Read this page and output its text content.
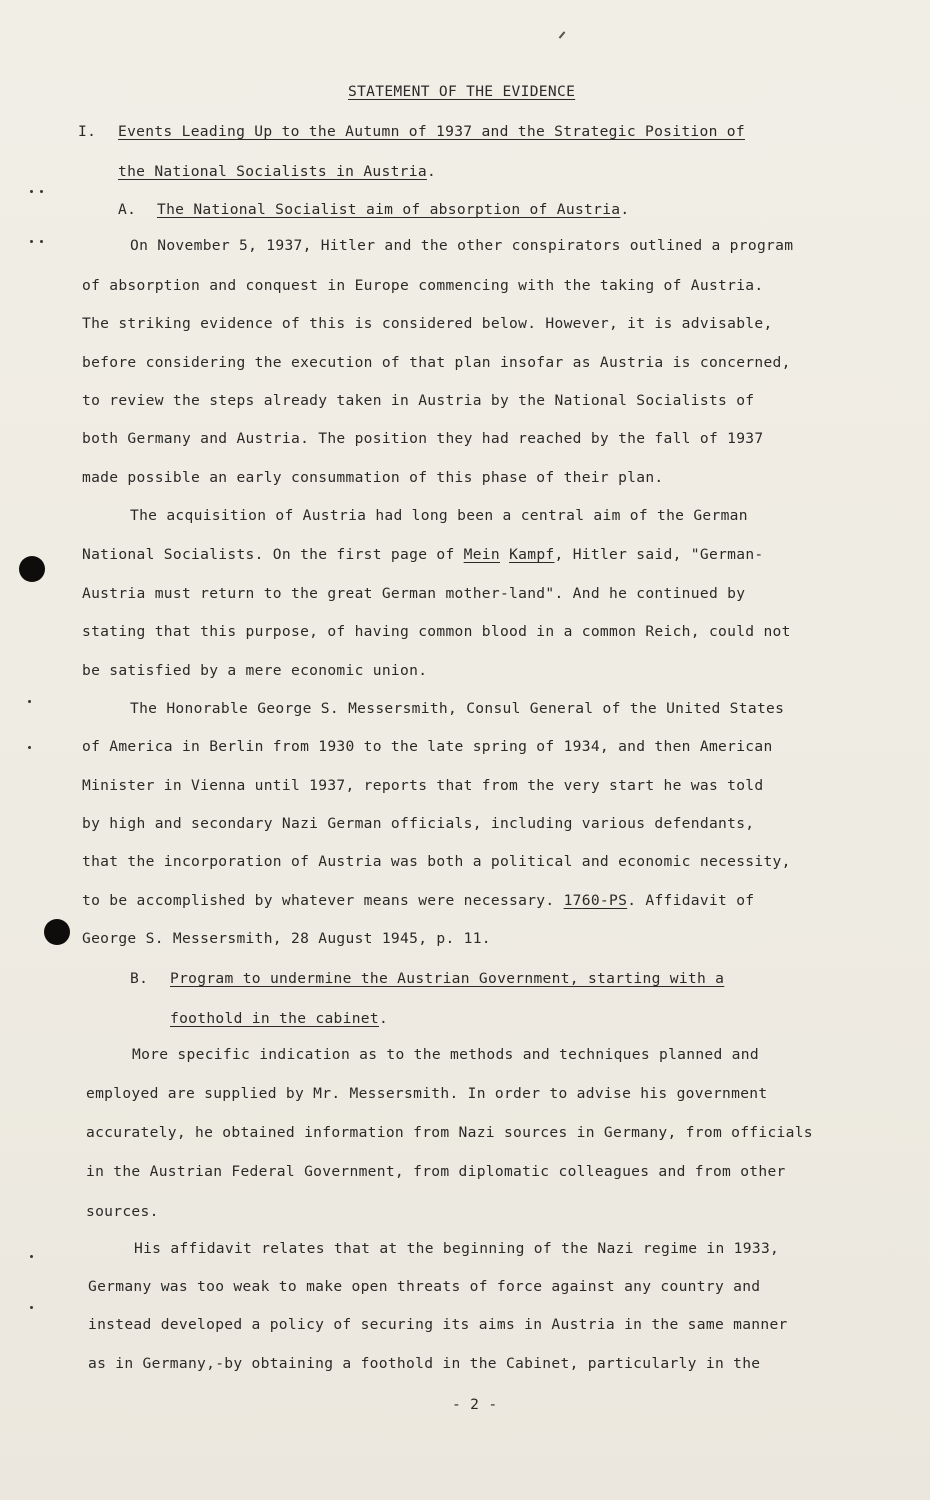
STATEMENT OF THE EVIDENCE
I. Events Leading Up to the Autumn of 1937 and the Strategic Position of
the National Socialists in Austria.
A. The National Socialist aim of absorption of Austria.
On November 5, 1937, Hitler and the other conspirators outlined a program
of absorption and conquest in Europe commencing with the taking of Austria.
The striking evidence of this is considered below. However, it is advisable,
before considering the execution of that plan insofar as Austria is concerned,
to review the steps already taken in Austria by the National Socialists of
both Germany and Austria. The position they had reached by the fall of 1937
made possible an early consummation of this phase of their plan.
The acquisition of Austria had long been a central aim of the German
National Socialists. On the first page of Mein Kampf, Hitler said, "German-
Austria must return to the great German mother-land". And he continued by
stating that this purpose, of having common blood in a common Reich, could not
be satisfied by a mere economic union.
The Honorable George S. Messersmith, Consul General of the United States
of America in Berlin from 1930 to the late spring of 1934, and then American
Minister in Vienna until 1937, reports that from the very start he was told
by high and secondary Nazi German officials, including various defendants,
that the incorporation of Austria was both a political and economic necessity,
to be accomplished by whatever means were necessary. 1760-PS. Affidavit of
George S. Messersmith, 28 August 1945, p. 11.
B. Program to undermine the Austrian Government, starting with a
foothold in the cabinet.
More specific indication as to the methods and techniques planned and
employed are supplied by Mr. Messersmith. In order to advise his government
accurately, he obtained information from Nazi sources in Germany, from officials
in the Austrian Federal Government, from diplomatic colleagues and from other
sources.
His affidavit relates that at the beginning of the Nazi regime in 1933,
Germany was too weak to make open threats of force against any country and
instead developed a policy of securing its aims in Austria in the same manner
as in Germany,-by obtaining a foothold in the Cabinet, particularly in the
- 2 -
